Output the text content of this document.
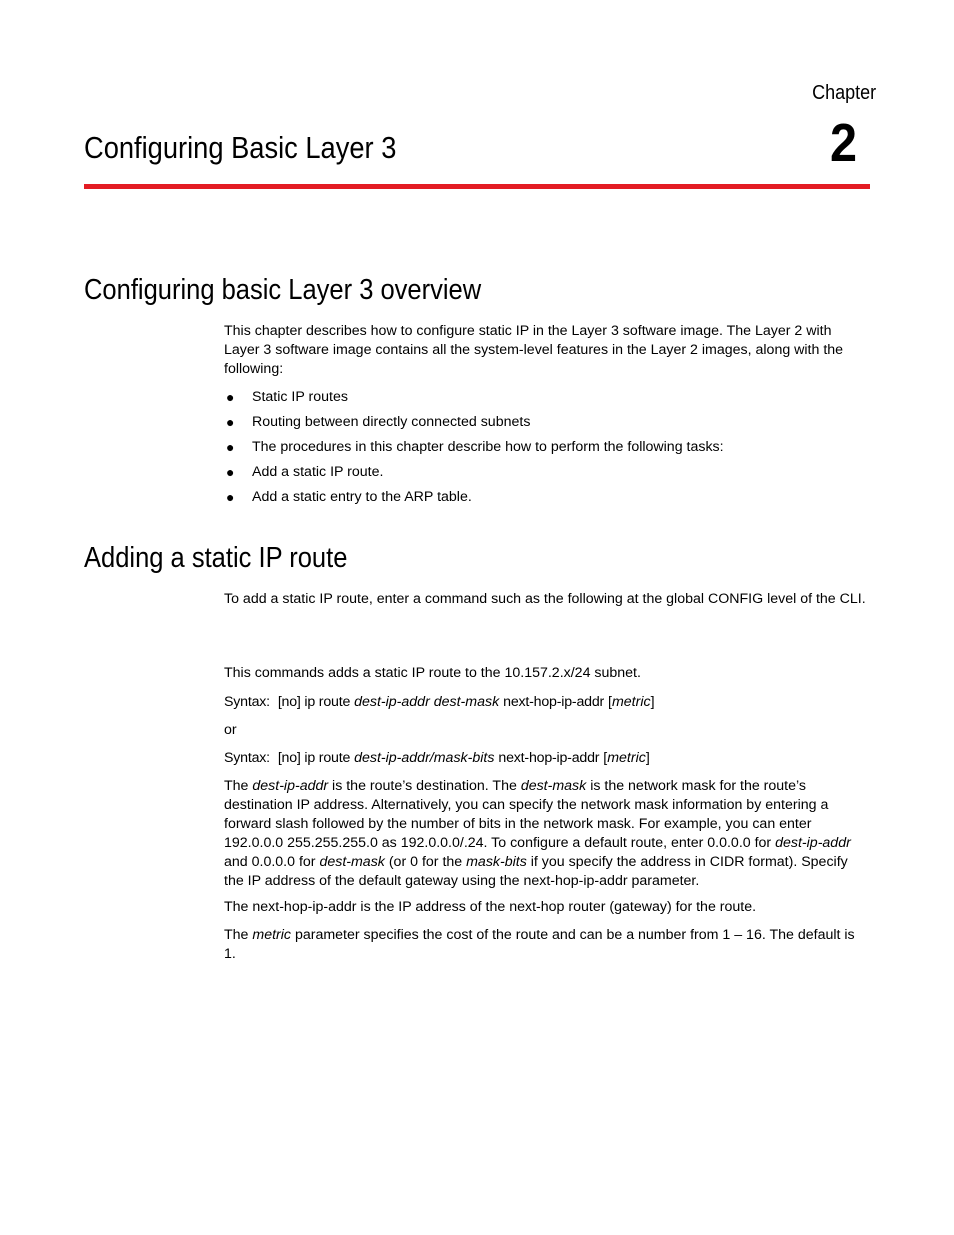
Chapter
2
Configuring Basic Layer 3
Configuring basic Layer 3 overview

This chapter describes how to configure static IP in the Layer 3 software image. The Layer 2 with Layer 3 software image contains all the system-level features in the Layer 2 images, along with the following:

● Static IP routes
● Routing between directly connected subnets
● The procedures in this chapter describe how to perform the following tasks:
● Add a static IP route.
● Add a static entry to the ARP table.
Adding a static IP route

To add a static IP route, enter a command such as the following at the global CONFIG level of the CLI.

This commands adds a static IP route to the 10.157.2.x/24 subnet.

Syntax: [no] ip route dest-ip-addr dest-mask next-hop-ip-addr [metric]
or
Syntax: [no] ip route dest-ip-addr/mask-bits next-hop-ip-addr [metric]

The dest-ip-addr is the route’s destination. The dest-mask is the network mask for the route’s destination IP address. Alternatively, you can specify the network mask information by entering a forward slash followed by the number of bits in the network mask. For example, you can enter 192.0.0.0 255.255.255.0 as 192.0.0.0/.24. To configure a default route, enter 0.0.0.0 for dest-ip-addr and 0.0.0.0 for dest-mask (or 0 for the mask-bits if you specify the address in CIDR format). Specify the IP address of the default gateway using the next-hop-ip-addr parameter.

The next-hop-ip-addr is the IP address of the next-hop router (gateway) for the route.

The metric parameter specifies the cost of the route and can be a number from 1 – 16. The default is 1.
